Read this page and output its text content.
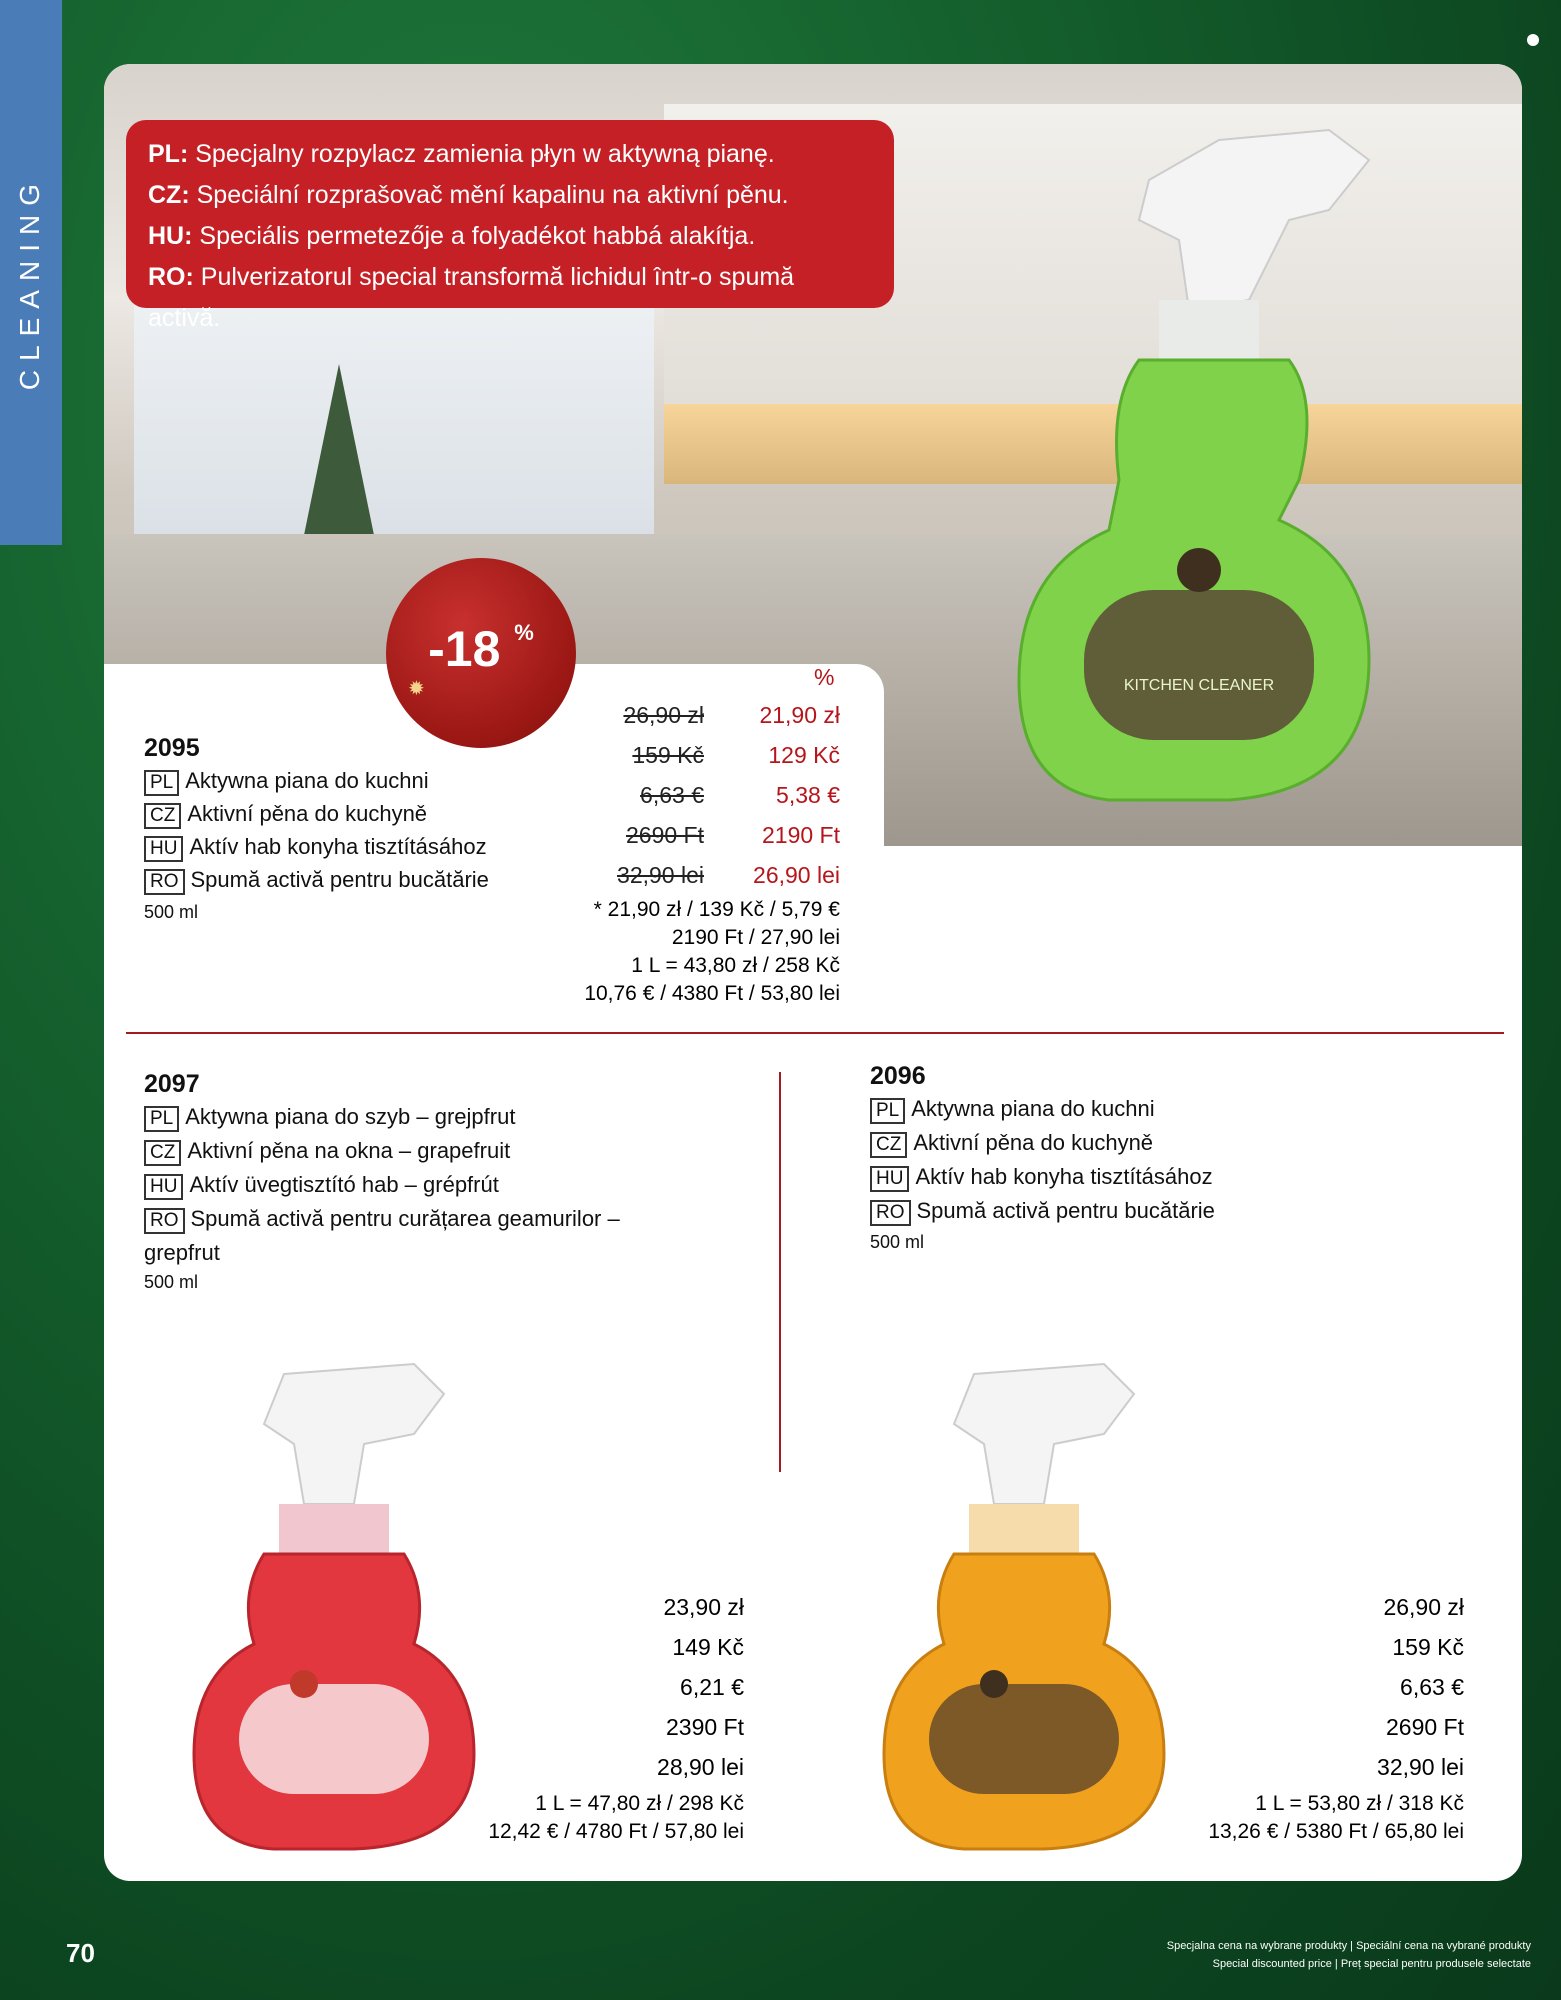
CLEANING
PL: Specjalny rozpylacz zamienia płyn w aktywną pianę.
CZ: Speciální rozprašovač mění kapalinu na aktivní pěnu.
HU: Speciális permetezője a folyadékot habbá alakítja.
RO: Pulverizatorul special transformă lichidul într-o spumă activă.
-18 %
✹	KITCHEN CLEANER
2095
PL Aktywna piana do kuchni
CZ Aktivní pěna do kuchyně
HU Aktív hab konyha tisztításához
RO Spumă activă pentru bucătărie
500 ml
%
26,90 zł	21,90 zł
159 Kč	129 Kč
6,63 €	5,38 €
2690 Ft	2190 Ft
32,90 lei	26,90 lei
* 21,90 zł / 139 Kč / 5,79 €
2190 Ft / 27,90 lei
1 L = 43,80 zł / 258 Kč
10,76 € / 4380 Ft / 53,80 lei
2097
PL Aktywna piana do szyb – grejpfrut
CZ Aktivní pěna na okna – grapefruit
HU Aktív üvegtisztító hab – grépfrút
RO Spumă activă pentru curățarea geamurilor –
grepfrut
500 ml
23,90 zł
149 Kč
6,21 €
2390 Ft
28,90 lei
1 L = 47,80 zł / 298 Kč
12,42 € / 4780 Ft / 57,80 lei
2096
PL Aktywna piana do kuchni
CZ Aktivní pěna do kuchyně
HU Aktív hab konyha tisztításához
RO Spumă activă pentru bucătărie
500 ml
26,90 zł
159 Kč
6,63 €
2690 Ft
32,90 lei
1 L = 53,80 zł / 318 Kč
13,26 € / 5380 Ft / 65,80 lei
70	Specjalna cena na wybrane produkty | Speciální cena na vybrané produkty
Special discounted price | Preț special pentru produsele selectate
